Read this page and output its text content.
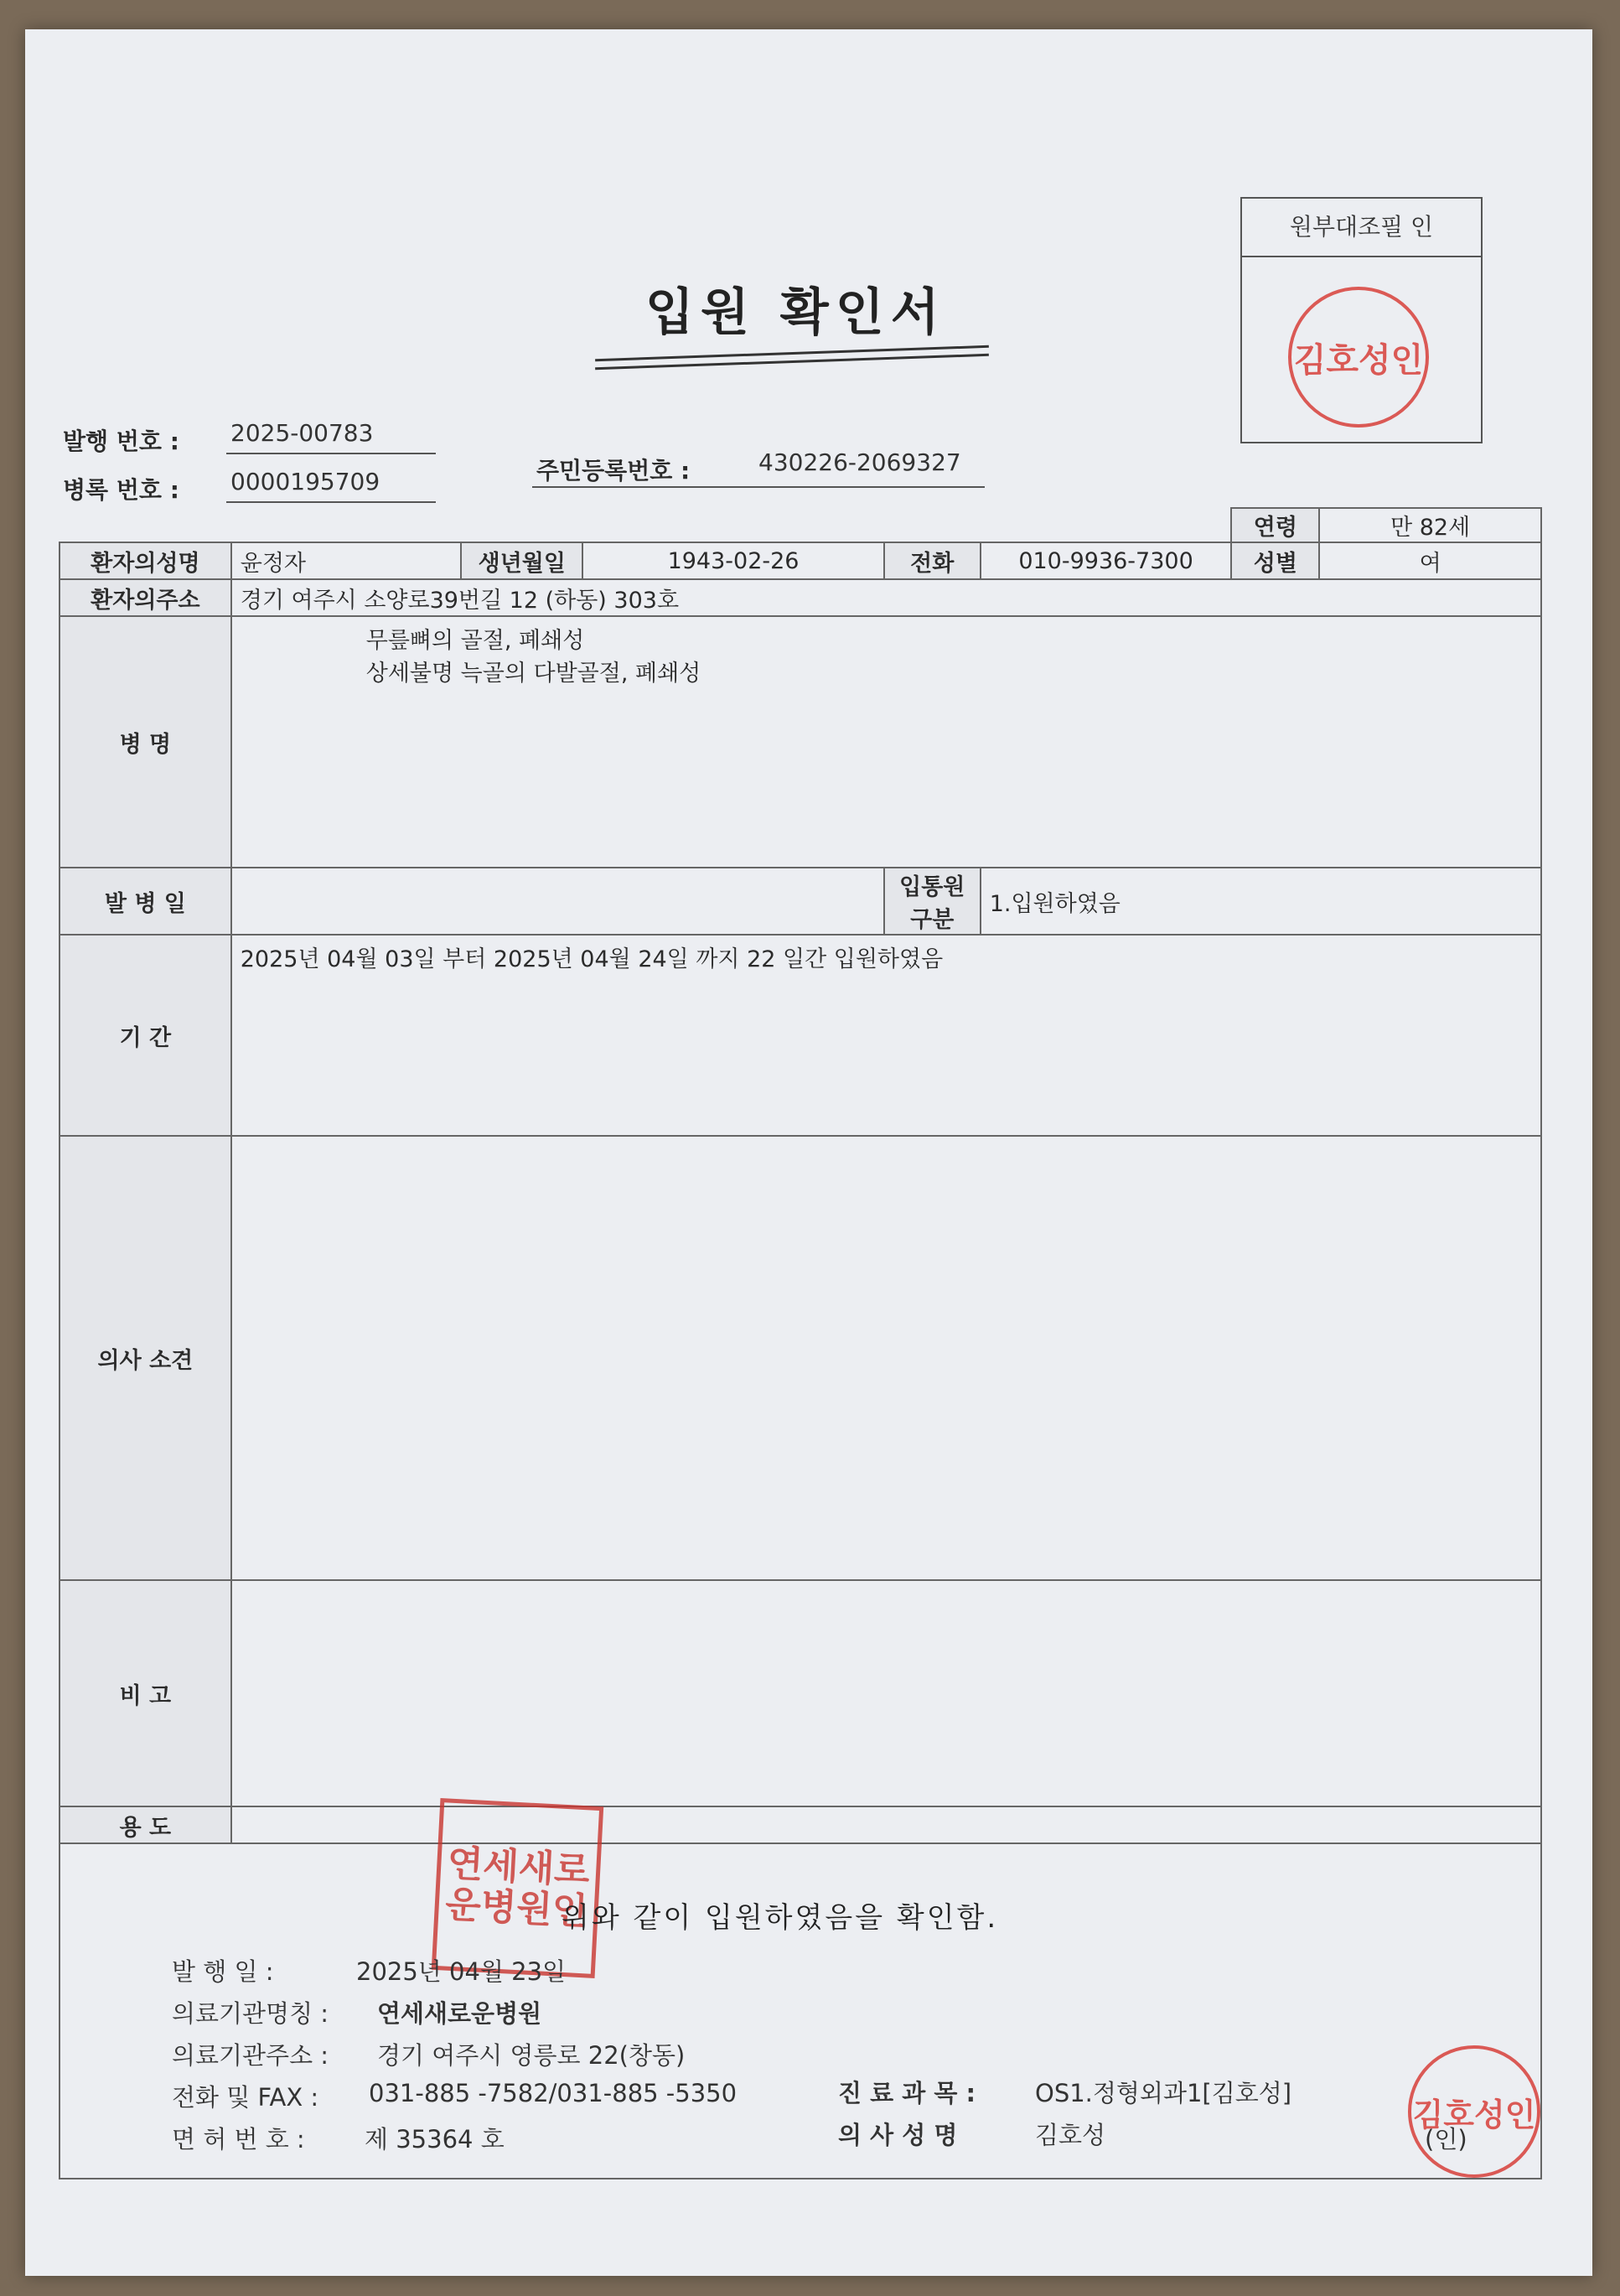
입원 확인서
원부대조필 인
김호성인
발행 번호 : 2025-00783
병록 번호 : 0000195709	주민등록번호 :	430226-2069327
						연령	만 82세
환자의성명	윤정자	생년월일	1943-02-26	전화	010-9936-7300	성별	여
환자의주소	경기 여주시 소양로39번길 12 (하동) 303호						
병 명	무릎뼈의 골절, 폐쇄성
상세불명 늑골의 다발골절, 폐쇄성						

발 병 일				입통원구분	1.입원하였음		
기 간	2025년 04월 03일 부터 2025년 04월 24일 까지 22 일간 입원하였음						
의사 소견							
비 고							
용 도							

연세새로운병원인
위와 같이 입원하였음을 확인함.
발 행 일 :	2025년 04월 23일
의료기관명칭 : 연세새로운병원
의료기관주소 : 경기 여주시 영릉로 22(창동)
전화 및 FAX : 031-885 -7582/031-885 -5350
면 허 번 호 : 제 35364 호
진 료 과 목 : OS1.정형외과1[김호성]
의 사 성 명	김호성	(인)
김호성인
